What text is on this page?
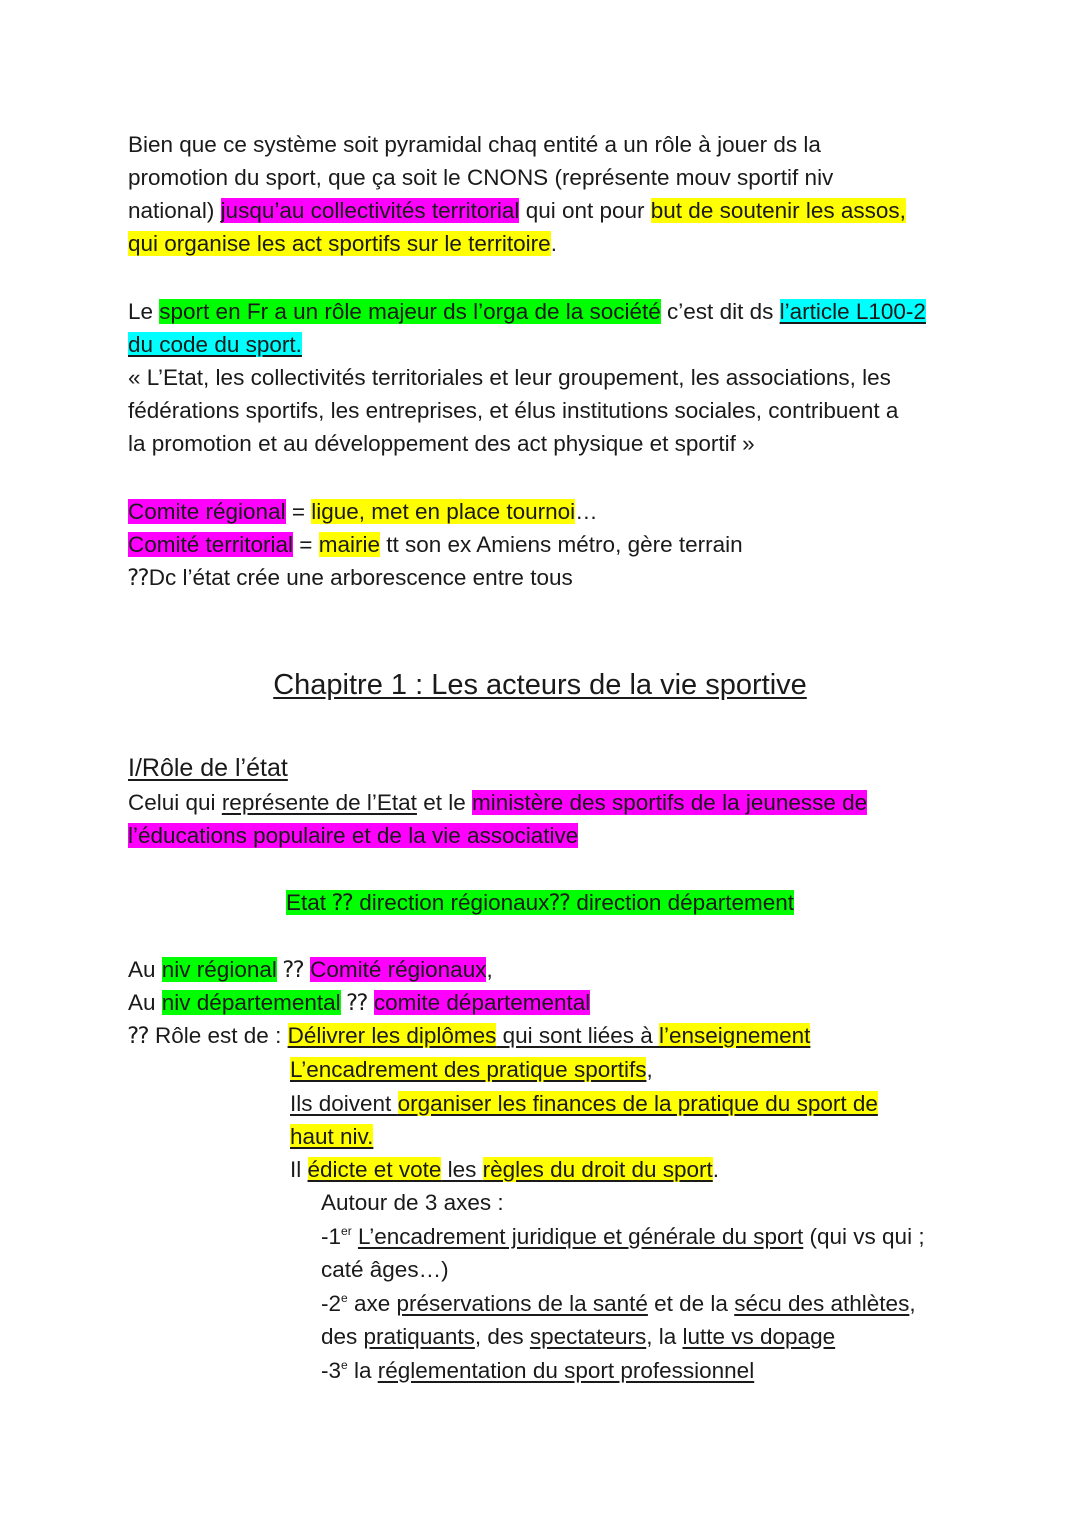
Bien que ce système soit pyramidal chaq entité a un rôle à jouer ds la
promotion du sport, que ça soit le CNONS (représente mouv sportif niv
national) jusqu’au collectivités territorial qui ont pour but de soutenir les assos,
qui organise les act sportifs sur le territoire.
Le sport en Fr a un rôle majeur ds l’orga de la société c’est dit ds l’article L100-2
du code du sport.
« L’Etat, les collectivités territoriales et leur groupement, les associations, les
fédérations sportifs, les entreprises, et élus institutions sociales, contribuent a
la promotion et au développement des act physique et sportif »
Comite régional = ligue, met en place tournoi…
Comité territorial = mairie tt son ex Amiens métro, gère terrain
⁇Dc l’état crée une arborescence entre tous
Chapitre 1 : Les acteurs de la vie sportive
I/Rôle de l’état
Celui qui représente de l’Etat et le ministère des sportifs de la jeunesse de
l’éducations populaire et de la vie associative
Etat ⁇ direction régionaux⁇ direction département
Au niv régional ⁇ Comité régionaux,
Au niv départemental ⁇ comite départemental
⁇ Rôle est de : Délivrer les diplômes qui sont liées à l’enseignement
L’encadrement des pratique sportifs,
Ils doivent organiser les finances de la pratique du sport de
haut niv.
Il édicte et vote les règles du droit du sport.
Autour de 3 axes :
-1er L’encadrement juridique et générale du sport (qui vs qui ;
caté âges…)
-2e axe préservations de la santé et de la sécu des athlètes,
des pratiquants, des spectateurs, la lutte vs dopage
-3e la réglementation du sport professionnel
